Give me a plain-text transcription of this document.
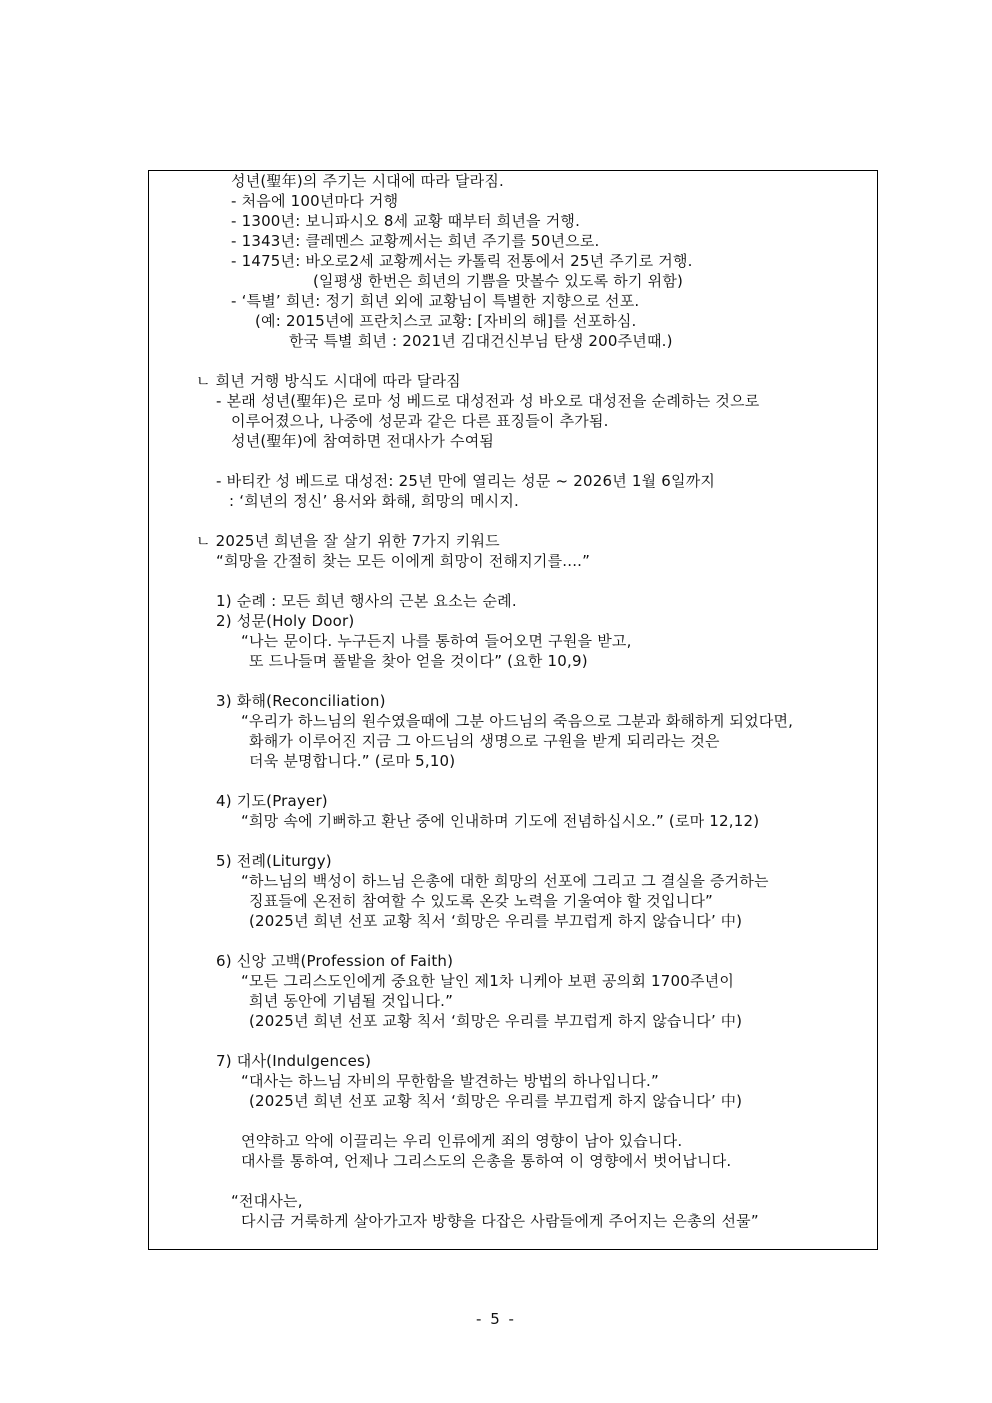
성년(聖年)의 주기는 시대에 따라 달라짐.
- 처음에 100년마다 거행
- 1300년: 보니파시오 8세 교황 때부터 희년을 거행.
- 1343년: 클레멘스 교황께서는 희년 주기를 50년으로.
- 1475년: 바오로2세 교황께서는 카톨릭 전통에서 25년 주기로 거행.
(일평생 한번은 희년의 기쁨을 맛볼수 있도록 하기 위함)
- ‘특별’ 희년: 정기 희년 외에 교황님이 특별한 지향으로 선포.
(예: 2015년에 프란치스코 교황: [자비의 해]를 선포하심.
한국 특별 희년 : 2021년 김대건신부님 탄생 200주년때.)
ㄴ 희년 거행 방식도 시대에 따라 달라짐
- 본래 성년(聖年)은 로마 성 베드로 대성전과 성 바오로 대성전을 순례하는 것으로
이루어졌으나, 나중에 성문과 같은 다른 표징들이 추가됨.
성년(聖年)에 참여하면 전대사가 수여됨
- 바티칸 성 베드로 대성전: 25년 만에 열리는 성문 ~ 2026년 1월 6일까지
: ‘희년의 정신’ 용서와 화해, 희망의 메시지.
ㄴ 2025년 희년을 잘 살기 위한 7가지 키워드
“희망을 간절히 찾는 모든 이에게 희망이 전해지기를....”
1) 순례 : 모든 희년 행사의 근본 요소는 순례.
2) 성문(Holy Door)
“나는 문이다. 누구든지 나를 통하여 들어오면 구원을 받고,
또 드나들며 풀밭을 찾아 얻을 것이다” (요한 10,9)
3) 화해(Reconciliation)
“우리가 하느님의 원수였을때에 그분 아드님의 죽음으로 그분과 화해하게 되었다면,
화해가 이루어진 지금 그 아드님의 생명으로 구원을 받게 되리라는 것은
더욱 분명합니다.” (로마 5,10)
4) 기도(Prayer)
“희망 속에 기뻐하고 환난 중에 인내하며 기도에 전념하십시오.” (로마 12,12)
5) 전례(Liturgy)
“하느님의 백성이 하느님 은총에 대한 희망의 선포에 그리고 그 결실을 증거하는
징표들에 온전히 참여할 수 있도록 온갖 노력을 기울여야 할 것입니다”
(2025년 희년 선포 교황 칙서 ‘희망은 우리를 부끄럽게 하지 않습니다’ 中)
6) 신앙 고백(Profession of Faith)
“모든 그리스도인에게 중요한 날인 제1차 니케아 보편 공의회 1700주년이
희년 동안에 기념될 것입니다.”
(2025년 희년 선포 교황 칙서 ‘희망은 우리를 부끄럽게 하지 않습니다’ 中)
7) 대사(Indulgences)
“대사는 하느님 자비의 무한함을 발견하는 방법의 하나입니다.”
(2025년 희년 선포 교황 칙서 ‘희망은 우리를 부끄럽게 하지 않습니다’ 中)
연약하고 악에 이끌리는 우리 인류에게 죄의 영향이 남아 있습니다.
대사를 통하여, 언제나 그리스도의 은총을 통하여 이 영향에서 벗어납니다.
“전대사는,
다시금 거룩하게 살아가고자 방향을 다잡은 사람들에게 주어지는 은총의 선물”
- 5 -
